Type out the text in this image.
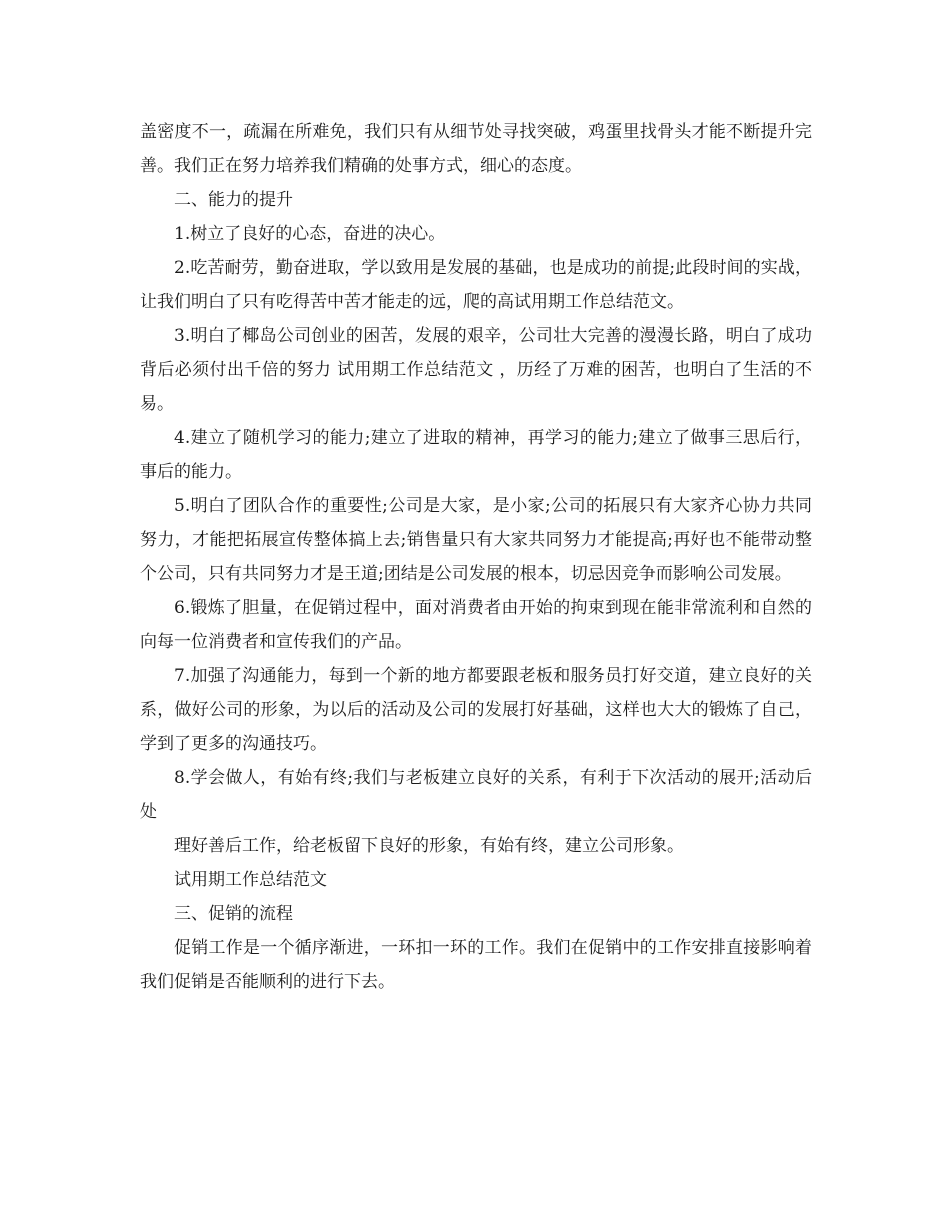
盖密度不一，疏漏在所难免，我们只有从细节处寻找突破，鸡蛋里找骨头才能不断提升完善。我们正在努力培养我们精确的处事方式，细心的态度。

二、能力的提升

1.树立了良好的心态，奋进的决心。

2.吃苦耐劳，勤奋进取，学以致用是发展的基础，也是成功的前提;此段时间的实战，让我们明白了只有吃得苦中苦才能走的远，爬的高试用期工作总结范文。

3.明白了椰岛公司创业的困苦，发展的艰辛，公司壮大完善的漫漫长路，明白了成功背后必须付出千倍的努力 试用期工作总结范文 ，历经了万难的困苦，也明白了生活的不易。

4.建立了随机学习的能力;建立了进取的精神，再学习的能力;建立了做事三思后行，事后的能力。

5.明白了团队合作的重要性;公司是大家，是小家;公司的拓展只有大家齐心协力共同努力，才能把拓展宣传整体搞上去;销售量只有大家共同努力才能提高;再好也不能带动整个公司，只有共同努力才是王道;团结是公司发展的根本，切忌因竞争而影响公司发展。

6.锻炼了胆量，在促销过程中，面对消费者由开始的拘束到现在能非常流利和自然的向每一位消费者和宣传我们的产品。

7.加强了沟通能力，每到一个新的地方都要跟老板和服务员打好交道，建立良好的关系，做好公司的形象，为以后的活动及公司的发展打好基础，这样也大大的锻炼了自己，学到了更多的沟通技巧。

8.学会做人，有始有终;我们与老板建立良好的关系，有利于下次活动的展开;活动后处

理好善后工作，给老板留下良好的形象，有始有终，建立公司形象。

试用期工作总结范文

三、促销的流程

促销工作是一个循序渐进，一环扣一环的工作。我们在促销中的工作安排直接影响着我们促销是否能顺利的进行下去。
